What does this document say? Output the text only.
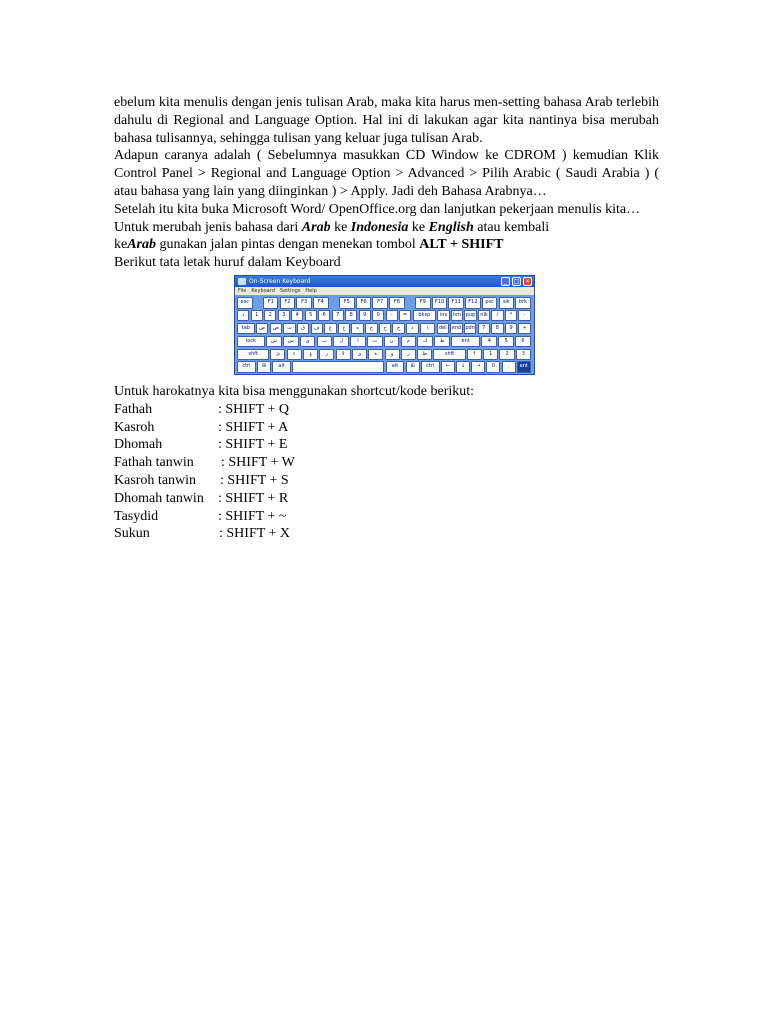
ebelum kita menulis dengan jenis tulisan Arab, maka kita harus men-setting bahasa Arab terlebih dahulu di Regional and Language Option. Hal ini di lakukan agar kita nantinya bisa merubah bahasa tulisannya, sehingga tulisan yang keluar juga tulisan Arab.

Adapun caranya adalah ( Sebelumnya masukkan CD Window ke CDROM ) kemudian Klik Control Panel > Regional and Language Option > Advanced > Pilih Arabic ( Saudi Arabia ) ( atau bahasa yang lain yang diinginkan ) > Apply. Jadi deh Bahasa Arabnya…

Setelah itu kita buka Microsoft Word/ OpenOffice.org dan lanjutkan pekerjaan menulis kita…

Untuk merubah jenis bahasa dari Arab ke Indonesia ke English atau kembali
keArab gunakan jalan pintas dengan menekan tombol ALT + SHIFT

Berikut tata letak huruf dalam Keyboard

On-Screen Keyboard	_	□ ×
File Keyboard Settings Help
esc	F1	F2	F3	F4	F5	F6	F7	F8	F9	F10	F11	F12	psc	slk	brk
ذ	1	2	3	4	5	6	7	8	9	0	-	=	bksp	ins	hm pup	nlk	/	*	-
tab	ض	ص	ث	ق	ف	غ	ع	ه	خ	ح	ج	د	\	del	end pdn	7	8	9	+
lock	ش	س	ي	ب	ل	ا	ت	ن	م	ك	ط	ent	4	5	6
shft	ئ	ء	ؤ	ر	لا	ى	ة	و	ز	ظ	shft	↑	1	2	3
ctrl	⊞	alt	alt	⊞	ctrl	←	↓	→	0	.	ent

Untuk harokatnya kita bisa menggunakan shortcut/kode berikut:

Fathah	: SHIFT + Q
Kasroh	: SHIFT + A
Dhomah	: SHIFT + E
Fathah tanwin	: SHIFT + W
Kasroh tanwin	: SHIFT + S
Dhomah tanwin	: SHIFT + R
Tasydid	: SHIFT + ~
Sukun	: SHIFT + X
